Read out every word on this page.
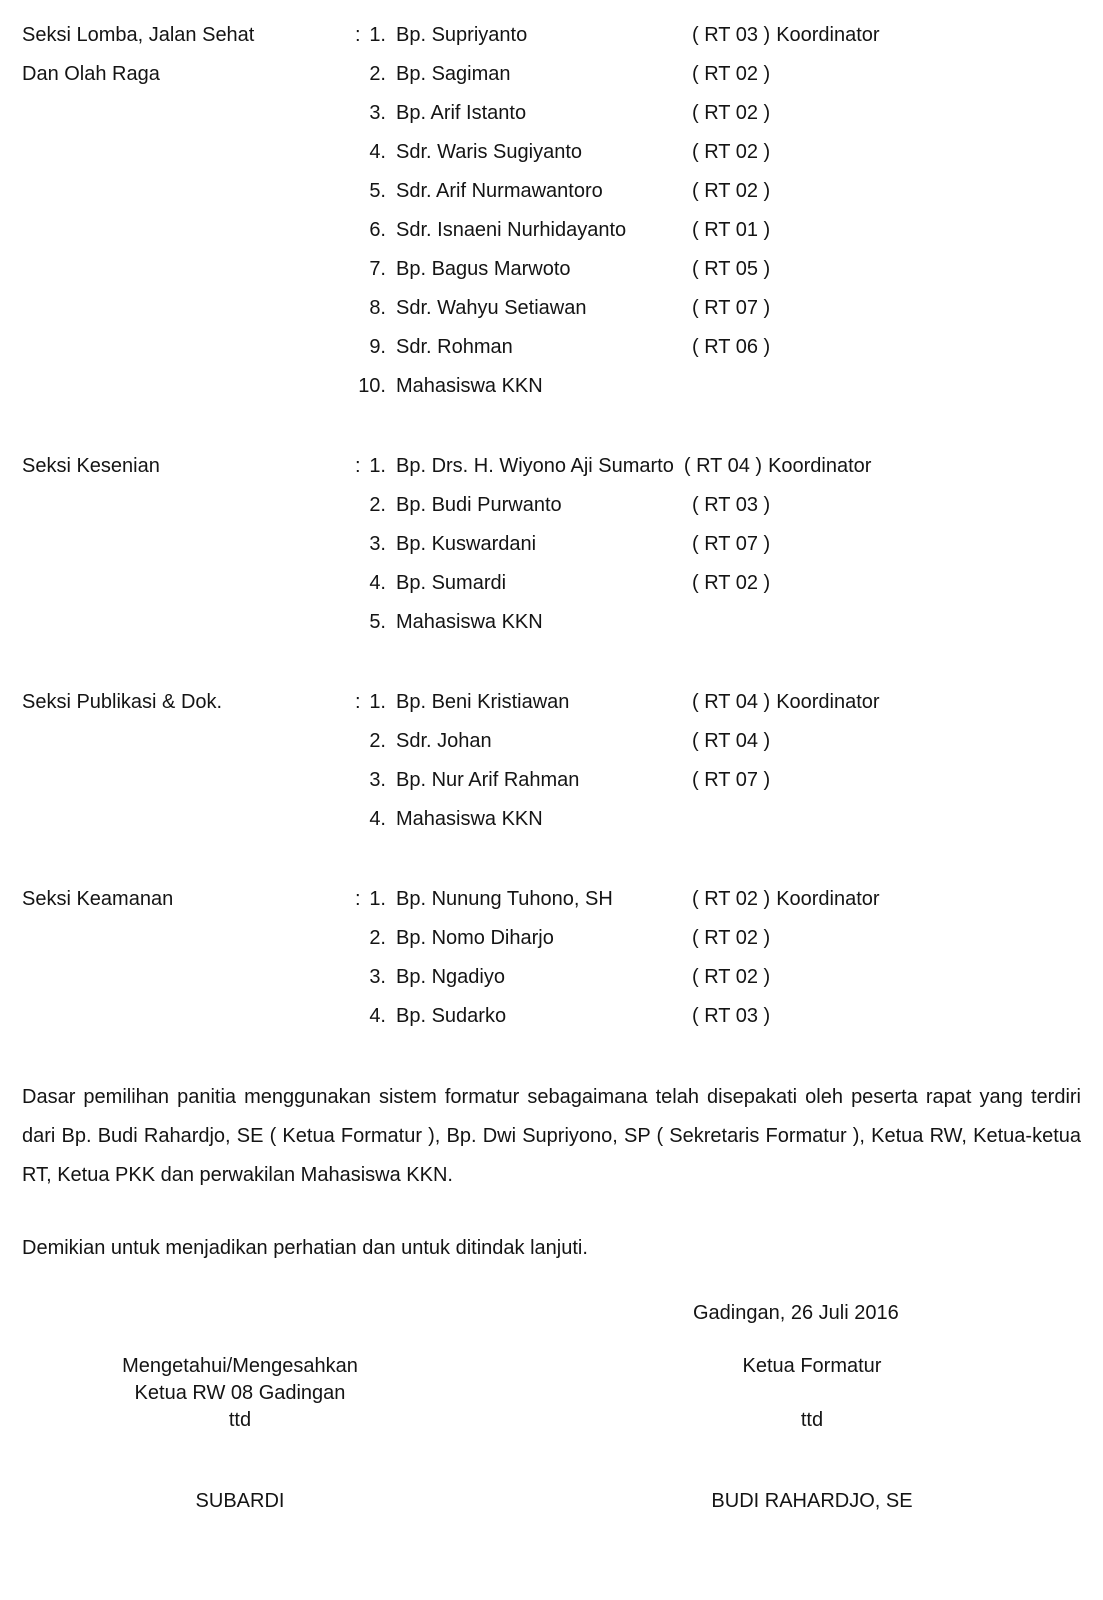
Seksi Lomba, Jalan Sehat
Dan Olah Raga
: 1. Bp. Supriyanto	( RT 03 ) Koordinator
2. Bp. Sagiman	( RT 02 )
3. Bp. Arif Istanto	( RT 02 )
4. Sdr. Waris Sugiyanto	( RT 02 )
5. Sdr. Arif Nurmawantoro	( RT 02 )
6. Sdr. Isnaeni Nurhidayanto	( RT 01 )
7. Bp. Bagus Marwoto	( RT 05 )
8. Sdr. Wahyu Setiawan	( RT 07 )
9. Sdr. Rohman	( RT 06 )
10. Mahasiswa KKN
Seksi Kesenian	: 1. Bp. Drs. H. Wiyono Aji Sumarto ( RT 04 ) Koordinator
2. Bp. Budi Purwanto	( RT 03 )
3. Bp. Kuswardani	( RT 07 )
4. Bp. Sumardi	( RT 02 )
5. Mahasiswa KKN
Seksi Publikasi & Dok.	: 1. Bp. Beni Kristiawan	( RT 04 ) Koordinator
2. Sdr. Johan	( RT 04 )
3. Bp. Nur Arif Rahman	( RT 07 )
4. Mahasiswa KKN
Seksi Keamanan	: 1. Bp. Nunung Tuhono, SH	( RT 02 ) Koordinator
2. Bp. Nomo Diharjo	( RT 02 )
3. Bp. Ngadiyo	( RT 02 )
4. Bp. Sudarko	( RT 03 )

Dasar pemilihan panitia menggunakan sistem formatur sebagaimana telah disepakati oleh peserta rapat yang terdiri dari Bp. Budi Rahardjo, SE ( Ketua Formatur ), Bp. Dwi Supriyono, SP ( Sekretaris Formatur ), Ketua RW, Ketua-ketua RT, Ketua PKK dan perwakilan Mahasiswa KKN.

Demikian untuk menjadikan perhatian dan untuk ditindak lanjuti.

Gadingan, 26 Juli 2016
Mengetahui/Mengesahkan
Ketua RW 08 Gadingan
ttd
SUBARDI
Ketua Formatur
ttd
BUDI RAHARDJO, SE
